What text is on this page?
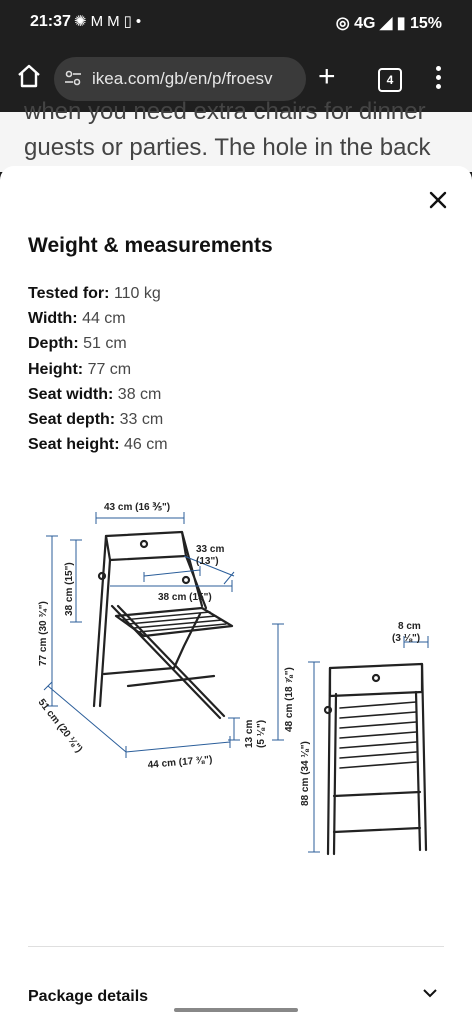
21:37 ✺MM▯•	◎ 4G ◢ ▮ 15%
ikea.com/gb/en/p/froesv +	4
when you need extra chairs for dinner
guests or parties. The hole in the back
Weight & measurements
Tested for: 110 kg
Width: 44 cm
Depth: 51 cm
Height: 77 cm
Seat width: 38 cm
Seat depth: 33 cm
Seat height: 46 cm
43 cm (16 ⅗")
33 cm
(13")
38 cm (15")
38 cm (15")
77 cm (30 ¾")
51 cm (20 ⅛")
44 cm (17 ⅜")
13 cm (5 ⅛")
48 cm (18 ⅞")
8 cm
(3 ⅛")
88 cm (34 ⅛")
Package details
